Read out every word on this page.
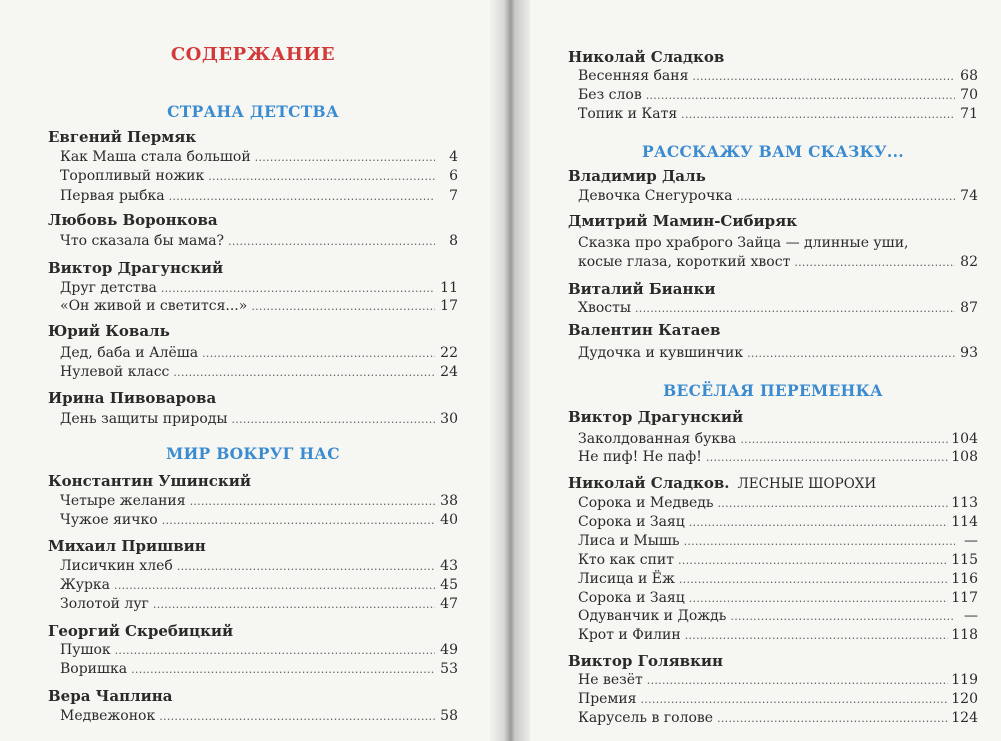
СОДЕРЖАНИЕ
СТРАНА ДЕТСТВА
Евгений Пермяк
Как Маша стала большой . . .	4
Торопливый ножик . . .	6
Первая рыбка . . .	7
Любовь Воронкова
Что сказала бы мама? . . .	8
Виктор Драгунский
Друг детства . . .	11
«Он живой и светится...» . . .	17
Юрий Коваль
Дед, баба и Алёша . . .	22
Нулевой класс . . .	24
Ирина Пивоварова
День защиты природы . . .	30
МИР ВОКРУГ НАС
Константин Ушинский
Четыре желания . . .	38
Чужое яичко . . .	40
Михаил Пришвин
Лисичкин хлеб . . .	43
Журка . . .	45
Золотой луг . . .	47
Георгий Скребицкий
Пушок . . .	49
Воришка . . .	53
Вера Чаплина
Медвежонок . . .	58
Николай Сладков
Весенняя баня . . .	68
Без слов . . .	70
Топик и Катя . . .	71
РАССКАЖУ ВАМ СКАЗКУ...
Владимир Даль
Девочка Снегурочка . . .	74
Дмитрий Мамин-Сибиряк
Сказка про храброго Зайца — длинные уши,
косые глаза, короткий хвост . . .	82
Виталий Бианки
Хвосты . . .	87
Валентин Катаев
Дудочка и кувшинчик . . .	93
ВЕСЁЛАЯ ПЕРЕМЕНКА
Виктор Драгунский
Заколдованная буква . . .	104
Не пиф! Не паф! . . .	108
Николай Сладков. ЛЕСНЫЕ ШОРОХИ
Сорока и Медведь . . .	113
Сорока и Заяц . . .	114
Лиса и Мышь . . .	—
Кто как спит . . .	115
Лисица и Ёж . . .	116
Сорока и Заяц . . .	117
Одуванчик и Дождь . . .	—
Крот и Филин . . .	118
Виктор Голявкин
Не везёт . . .	119
Премия . . .	120
Карусель в голове . . .	124
